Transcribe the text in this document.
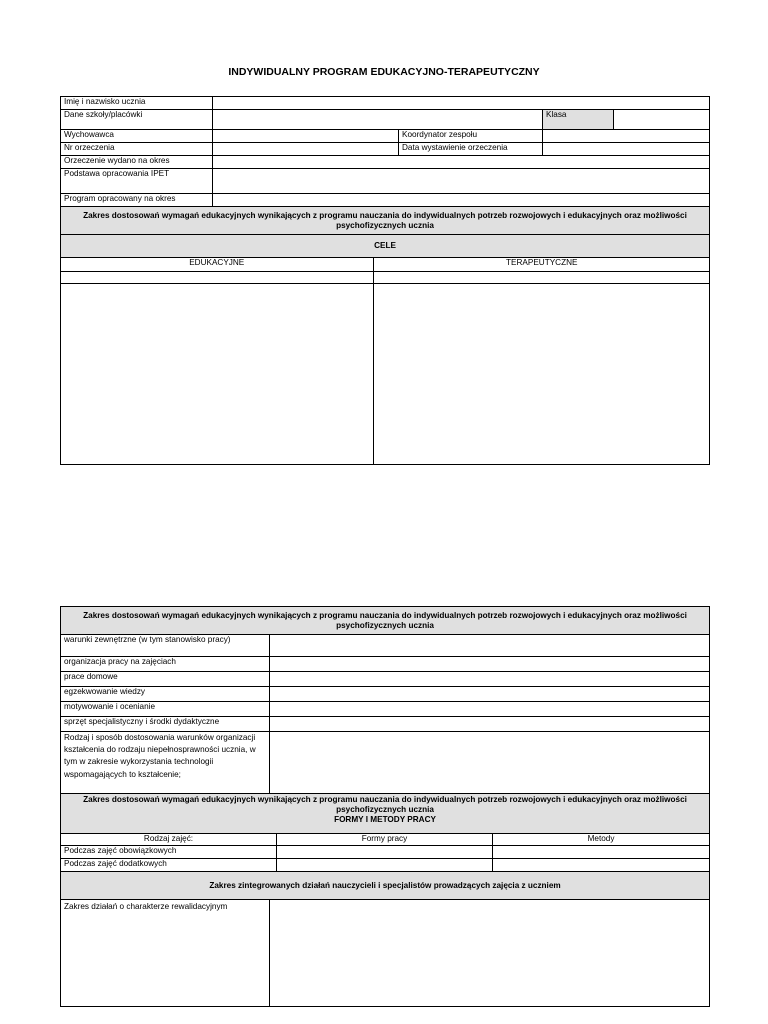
INDYWIDUALNY PROGRAM EDUKACYJNO-TERAPEUTYCZNY
Imię i nazwisko ucznia	
Dane szkoły/placówki		Klasa	
Wychowawca		Koordynator zespołu	
Nr orzeczenia		Data wystawienie orzeczenia	
Orzeczenie wydano na okres	
Podstawa opracowania IPET	
Program opracowany na okres	
Zakres dostosowań wymagań edukacyjnych wynikających z programu nauczania do indywidualnych potrzeb rozwojowych i edukacyjnych oraz możliwości psychofizycznych ucznia
CELE

EDUKACYJNE	TERAPEUTYCZNE

Zakres dostosowań wymagań edukacyjnych wynikających z programu nauczania do indywidualnych potrzeb rozwojowych i edukacyjnych oraz możliwości psychofizycznych ucznia			
warunki zewnętrzne (w tym stanowisko pracy)			
organizacja pracy na zajęciach			
prace domowe			
egzekwowanie wiedzy			
motywowanie i ocenianie			
sprzęt specjalistyczny i środki dydaktyczne			
Rodzaj i sposób dostosowania warunków organizacji kształcenia do rodzaju niepełnosprawności ucznia, w tym w zakresie wykorzystania technologii wspomagających to kształcenie;			

Zakres dostosowań wymagań edukacyjnych wynikających z programu nauczania do indywidualnych potrzeb rozwojowych i edukacyjnych oraz możliwości psychofizycznych ucznia
FORMY I METODY PRACY			

Rodzaj zajęć:		Formy pracy	Metody
Podczas zajęć obowiązkowych			
Podczas zajęć dodatkowych			
Zakres zintegrowanych działań nauczycieli i specjalistów prowadzących zajęcia z uczniem			
Zakres działań o charakterze rewalidacyjnym			
